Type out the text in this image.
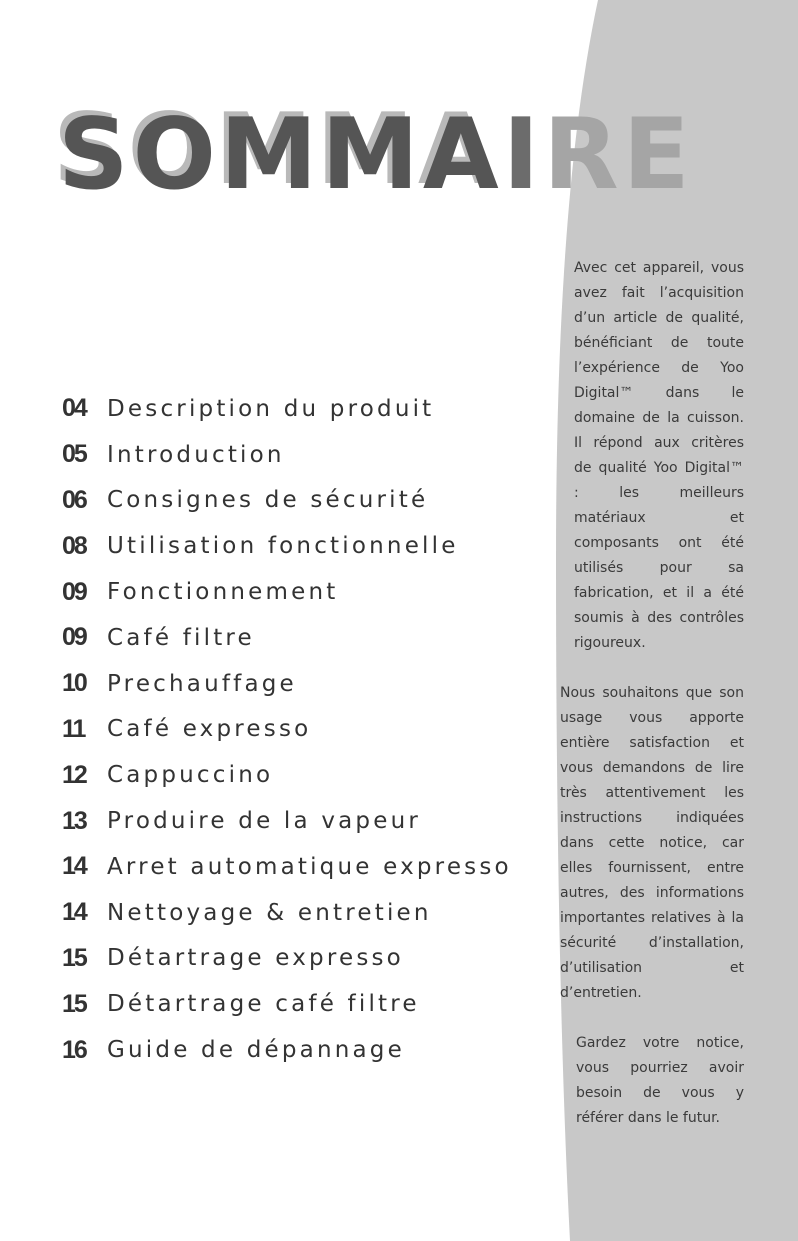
SOMMAIRE
04 Description du produit
05 Introduction
06 Consignes de sécurité
08 Utilisation fonctionnelle
09 Fonctionnement
09 Café filtre
10 Prechauffage
11 Café expresso
12 Cappuccino
13 Produire de la vapeur
14 Arret automatique expresso
14 Nettoyage & entretien
15 Détartrage expresso
15 Détartrage café filtre
16 Guide de dépannage

Avec cet appareil, vous avez fait l’acquisition d’un article de qualité, bénéficiant de toute l’expérience de Yoo Digital™ dans le domaine de la cuisson. Il répond aux critères de qualité Yoo Digital™ : les meilleurs matériaux et composants ont été utilisés pour sa fabrication, et il a été soumis à des contrôles rigoureux.

Nous souhaitons que son usage vous apporte entière satisfaction et vous demandons de lire très attentivement les instructions indiquées dans cette notice, car elles fournissent, entre autres, des informations importantes relatives à la sécurité d’installation, d’utilisation et d’entretien.

Gardez votre notice, vous pourriez avoir besoin de vous y référer dans le futur.
